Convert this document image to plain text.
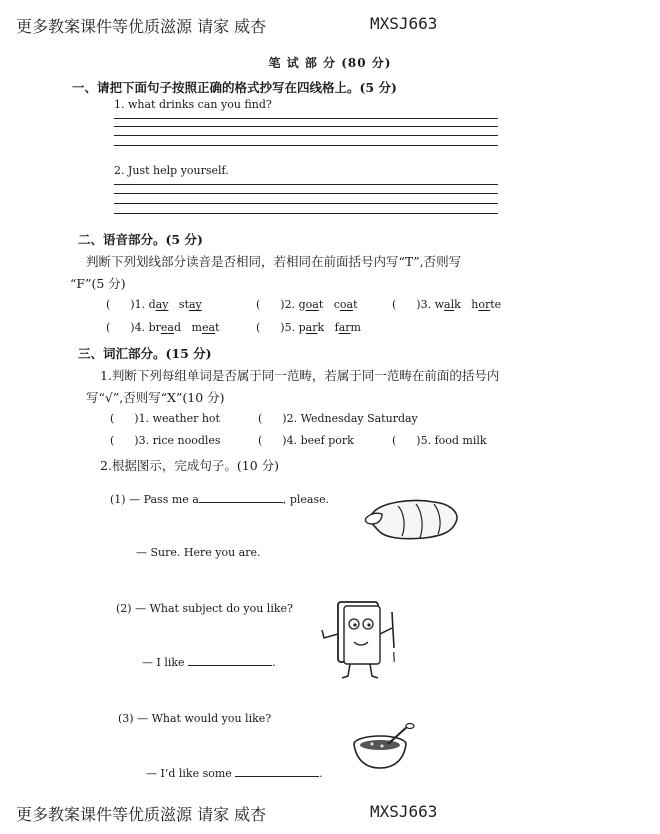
更多教案课件等优质滋源 请家 威杏	MXSJ663
笔 试 部 分 (80 分)
一、请把下面句子按照正确的格式抄写在四线格上。(5 分)
1. what drinks can you find?
2. Just help yourself.
二、语音部分。(5 分)
判断下列划线部分读音是否相同，若相同在前面括号内写“T”,否则写
“F”(5 分)
( )1. day stay	( )2. goat coat	( )3. walk horte
( )4. bread meat	( )5. park farm
三、词汇部分。(15 分)
1.判断下列每组单词是否属于同一范畴，若属于同一范畴在前面的括号内
写“√”,否则写“X”(10 分)
( )1. weather hot	( )2. Wednesday Saturday
( )3. rice noodles	( )4. beef pork	( )5. food milk
2.根据图示，完成句子。(10 分)
(1) — Pass me a	, please.
— Sure. Here you are.
(2) — What subject do you like?
— I like	.
(3) — What would you like?
— I’d like some	.
更多教案课件等优质滋源 请家 威杏	MXSJ663
